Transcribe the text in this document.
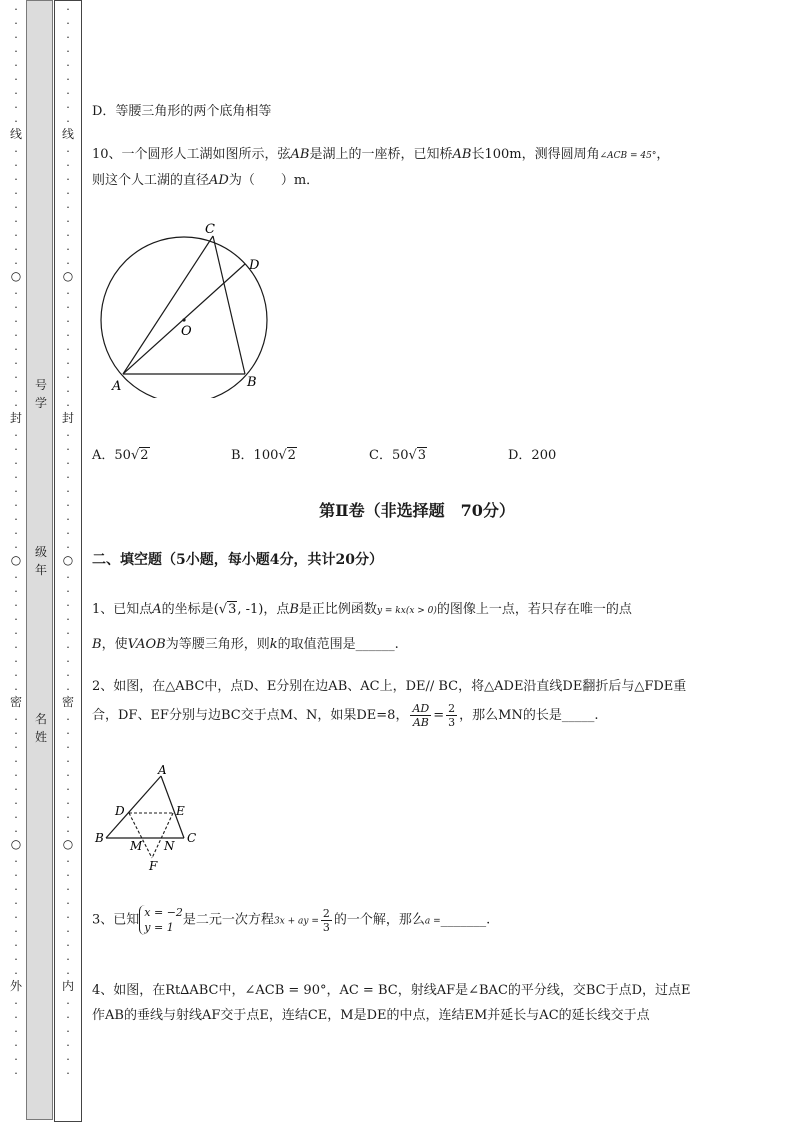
.
.
.
.
.
.
.
.
.
线
.
.
.
.
.
.
.
.
.
○
.
.
.
.
.
.
.
.
.
封
.
.
.
.
.
.
.
.
.
○
.
.
.
.
.
.
.
.
.
密
.
.
.
.
.
.
.
.
.
○
.
.
.
.
.
.
.
.
.
外
.
.
.
.
.
.
号学
级年
名姓
.
.
.
.
.
.
.
.
.
线
.
.
.
.
.
.
.
.
.
○
.
.
.
.
.
.
.
.
.
封
.
.
.
.
.
.
.
.
.
○
.
.
.
.
.
.
.
.
.
密
.
.
.
.
.
.
.
.
.
○
.
.
.
.
.
.
.
.
.
内
.
.
.
.
.
.
D．等腰三角形的两个底角相等
10、一个圆形人工湖如图所示，弦AB是湖上的一座桥，已知桥AB长100m，测得圆周角∠ACB = 45°，
则这个人工湖的直径AD为（　　）m．
C
D
O
A	B
A．50√2	B．100√2	C．50√3	D．200
第Ⅱ卷（非选择题　70分）
二、填空题（5小题，每小题4分，共计20分）
1、已知点A的坐标是(√3, -1)，点B是正比例函数y = kx(x > 0)的图像上一点，若只存在唯一的点
B，使VAOB为等腰三角形，则k的取值范围是______.
2、如图，在△ABC中，点D、E分别在边AB、AC上，DE// BC，将△ADE沿直线DE翻折后与△FDE重
合，DF、EF分别与边BC交于点M、N，如果DE=8， $\frac{AD}{AB} = \frac{2}{3}$ ，那么MN的长是_____.
A
D	E
B	C
M N
F
3、已知 x = −2
y = 1 是二元一次方程3x + ay = $\frac{2}{3}$ 的一个解，那么a =_______.
4、如图，在Rt∆ABC中，∠ACB = 90°，AC = BC，射线AF是∠BAC的平分线，交BC于点D，过点E
作AB的垂线与射线AF交于点E，连结CE，M是DE的中点，连结EM并延长与AC的延长线交于点
